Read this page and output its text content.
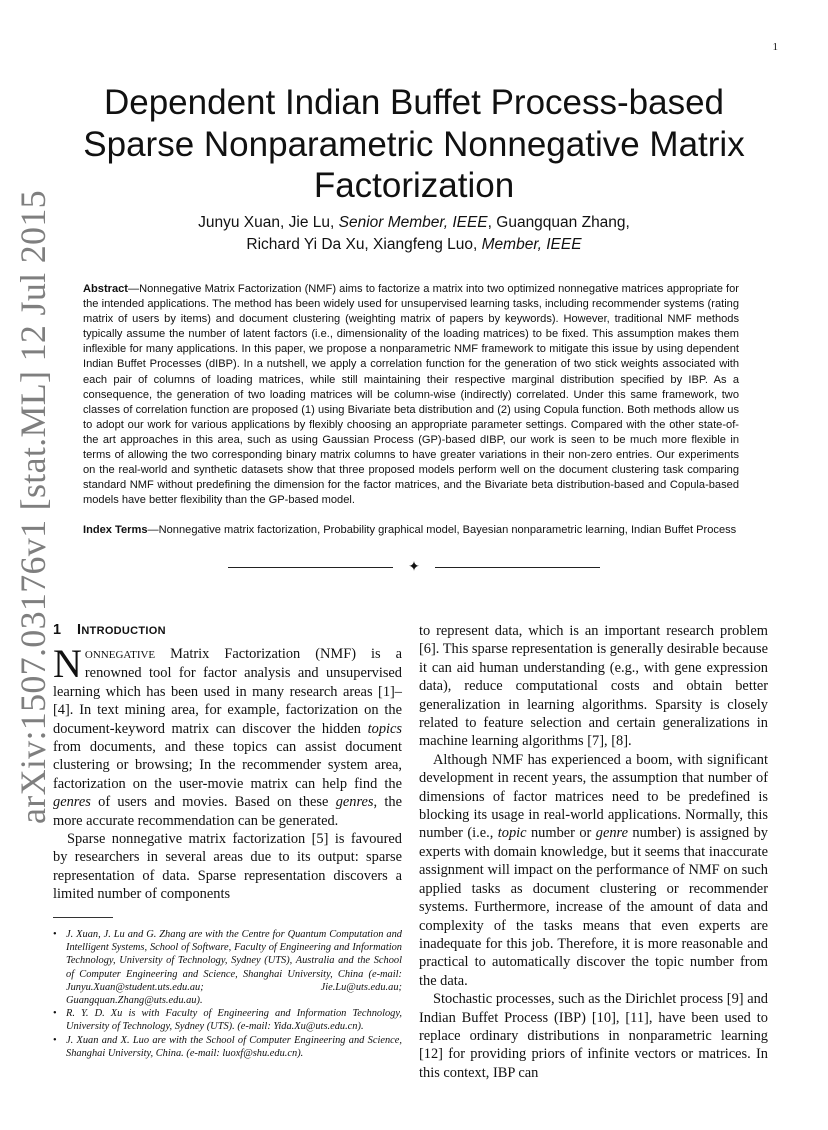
1
arXiv:1507.03176v1 [stat.ML] 12 Jul 2015
Dependent Indian Buffet Process-based
Sparse Nonparametric Nonnegative Matrix
Factorization
Junyu Xuan, Jie Lu, Senior Member, IEEE, Guangquan Zhang,
Richard Yi Da Xu, Xiangfeng Luo, Member, IEEE
Abstract—Nonnegative Matrix Factorization (NMF) aims to factorize a matrix into two optimized nonnegative matrices appropriate for the intended applications. The method has been widely used for unsupervised learning tasks, including recommender systems (rating matrix of users by items) and document clustering (weighting matrix of papers by keywords). However, traditional NMF methods typically assume the number of latent factors (i.e., dimensionality of the loading matrices) to be fixed. This assumption makes them inflexible for many applications. In this paper, we propose a nonparametric NMF framework to mitigate this issue by using dependent Indian Buffet Processes (dIBP). In a nutshell, we apply a correlation function for the generation of two stick weights associated with each pair of columns of loading matrices, while still maintaining their respective marginal distribution specified by IBP. As a consequence, the generation of two loading matrices will be column-wise (indirectly) correlated. Under this same framework, two classes of correlation function are proposed (1) using Bivariate beta distribution and (2) using Copula function. Both methods allow us to adopt our work for various applications by flexibly choosing an appropriate parameter settings. Compared with the other state-of-the art approaches in this area, such as using Gaussian Process (GP)-based dIBP, our work is seen to be much more flexible in terms of allowing the two corresponding binary matrix columns to have greater variations in their non-zero entries. Our experiments on the real-world and synthetic datasets show that three proposed models perform well on the document clustering task comparing standard NMF without predefining the dimension for the factor matrices, and the Bivariate beta distribution-based and Copula-based models have better flexibility than the GP-based model.
Index Terms—Nonnegative matrix factorization, Probability graphical model, Bayesian nonparametric learning, Indian Buffet Process
✦
1 INTRODUCTION

NONNEGATIVE Matrix Factorization (NMF) is a renowned tool for factor analysis and unsupervised learning which has been used in many research areas [1]–[4]. In text mining area, for example, factorization on the document-keyword matrix can discover the hidden topics from documents, and these topics can assist document clustering or browsing; In the recommender system area, factorization on the user-movie matrix can help find the genres of users and movies. Based on these genres, the more accurate recommendation can be generated.

Sparse nonnegative matrix factorization [5] is favoured by researchers in several areas due to its output: sparse representation of data. Sparse representation discovers a limited number of components

• J. Xuan, J. Lu and G. Zhang are with the Centre for Quantum Computation and Intelligent Systems, School of Software, Faculty of Engineering and Information Technology, University of Technology, Sydney (UTS), Australia and the School of Computer Engineering and Science, Shanghai University, China (e-mail: Junyu.Xuan@student.uts.edu.au; Jie.Lu@uts.edu.au; Guangquan.Zhang@uts.edu.au).

• R. Y. D. Xu is with Faculty of Engineering and Information Technology, University of Technology, Sydney (UTS). (e-mail: Yida.Xu@uts.edu.cn).

• J. Xuan and X. Luo are with the School of Computer Engineering and Science, Shanghai University, China. (e-mail: luoxf@shu.edu.cn).

to represent data, which is an important research problem [6]. This sparse representation is generally desirable because it can aid human understanding (e.g., with gene expression data), reduce computational costs and obtain better generalization in learning algorithms. Sparsity is closely related to feature selection and certain generalizations in machine learning algorithms [7], [8].

Although NMF has experienced a boom, with significant development in recent years, the assumption that number of dimensions of factor matrices need to be predefined is blocking its usage in real-world applications. Normally, this number (i.e., topic number or genre number) is assigned by experts with domain knowledge, but it seems that inaccurate assignment will impact on the performance of NMF on such applied tasks as document clustering or recommender systems. Furthermore, increase of the amount of data and complexity of the tasks means that even experts are inadequate for this job. Therefore, it is more reasonable and practical to automatically discover the topic number from the data.

Stochastic processes, such as the Dirichlet process [9] and Indian Buffet Process (IBP) [10], [11], have been used to replace ordinary distributions in nonparametric learning [12] for providing priors of infinite vectors or matrices. In this context, IBP can
